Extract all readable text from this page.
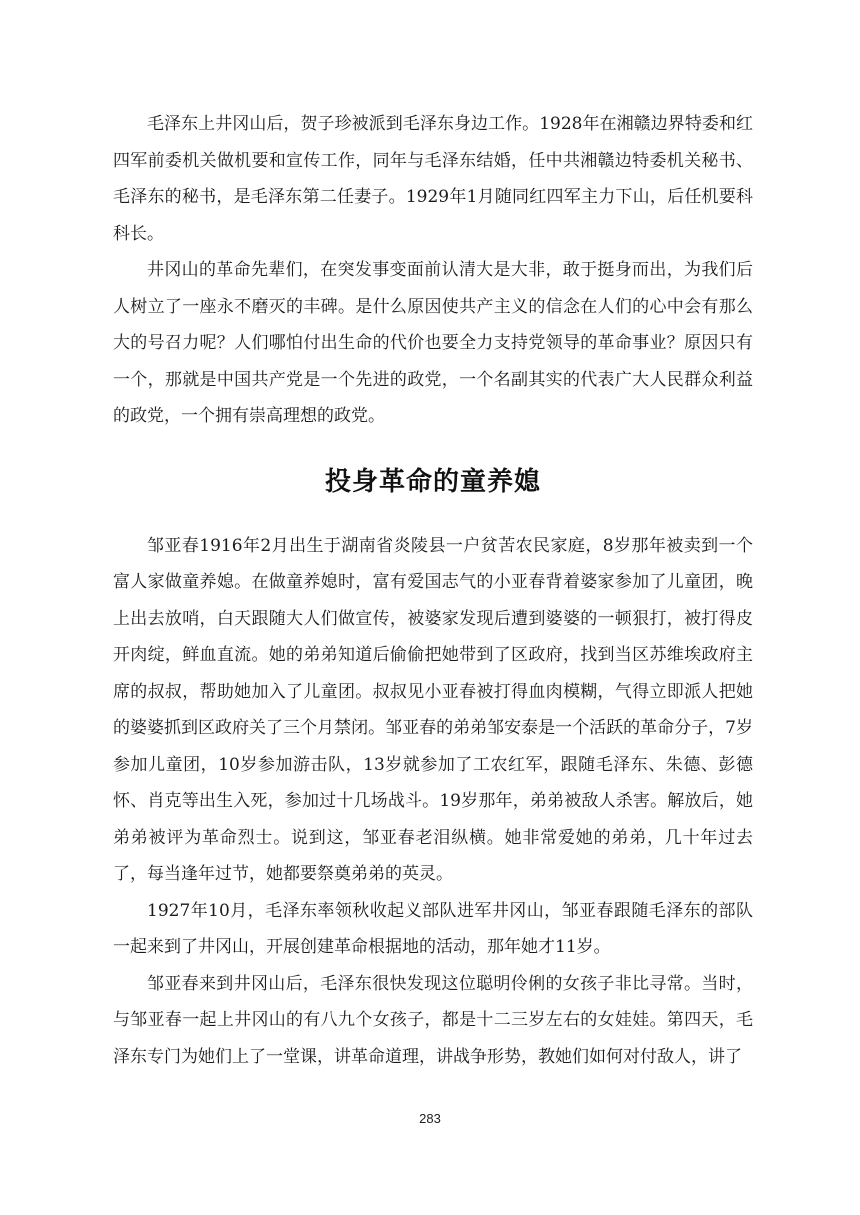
毛泽东上井冈山后，贺子珍被派到毛泽东身边工作。1928年在湘赣边界特委和红四军前委机关做机要和宣传工作，同年与毛泽东结婚，任中共湘赣边特委机关秘书、毛泽东的秘书，是毛泽东第二任妻子。1929年1月随同红四军主力下山，后任机要科科长。

井冈山的革命先辈们，在突发事变面前认清大是大非，敢于挺身而出，为我们后人树立了一座永不磨灭的丰碑。是什么原因使共产主义的信念在人们的心中会有那么大的号召力呢？人们哪怕付出生命的代价也要全力支持党领导的革命事业？原因只有一个，那就是中国共产党是一个先进的政党，一个名副其实的代表广大人民群众利益的政党，一个拥有崇高理想的政党。

投身革命的童养媳

邹亚春1916年2月出生于湖南省炎陵县一户贫苦农民家庭，8岁那年被卖到一个富人家做童养媳。在做童养媳时，富有爱国志气的小亚春背着婆家参加了儿童团，晚上出去放哨，白天跟随大人们做宣传，被婆家发现后遭到婆婆的一顿狠打，被打得皮开肉绽，鲜血直流。她的弟弟知道后偷偷把她带到了区政府，找到当区苏维埃政府主席的叔叔，帮助她加入了儿童团。叔叔见小亚春被打得血肉模糊，气得立即派人把她的婆婆抓到区政府关了三个月禁闭。邹亚春的弟弟邹安泰是一个活跃的革命分子，7岁参加儿童团，10岁参加游击队，13岁就参加了工农红军，跟随毛泽东、朱德、彭德怀、肖克等出生入死，参加过十几场战斗。19岁那年，弟弟被敌人杀害。解放后，她弟弟被评为革命烈士。说到这，邹亚春老泪纵横。她非常爱她的弟弟，几十年过去了，每当逢年过节，她都要祭奠弟弟的英灵。

1927年10月，毛泽东率领秋收起义部队进军井冈山，邹亚春跟随毛泽东的部队一起来到了井冈山，开展创建革命根据地的活动，那年她才11岁。

邹亚春来到井冈山后，毛泽东很快发现这位聪明伶俐的女孩子非比寻常。当时，与邹亚春一起上井冈山的有八九个女孩子，都是十二三岁左右的女娃娃。第四天，毛泽东专门为她们上了一堂课，讲革命道理，讲战争形势，教她们如何对付敌人，讲了

283
